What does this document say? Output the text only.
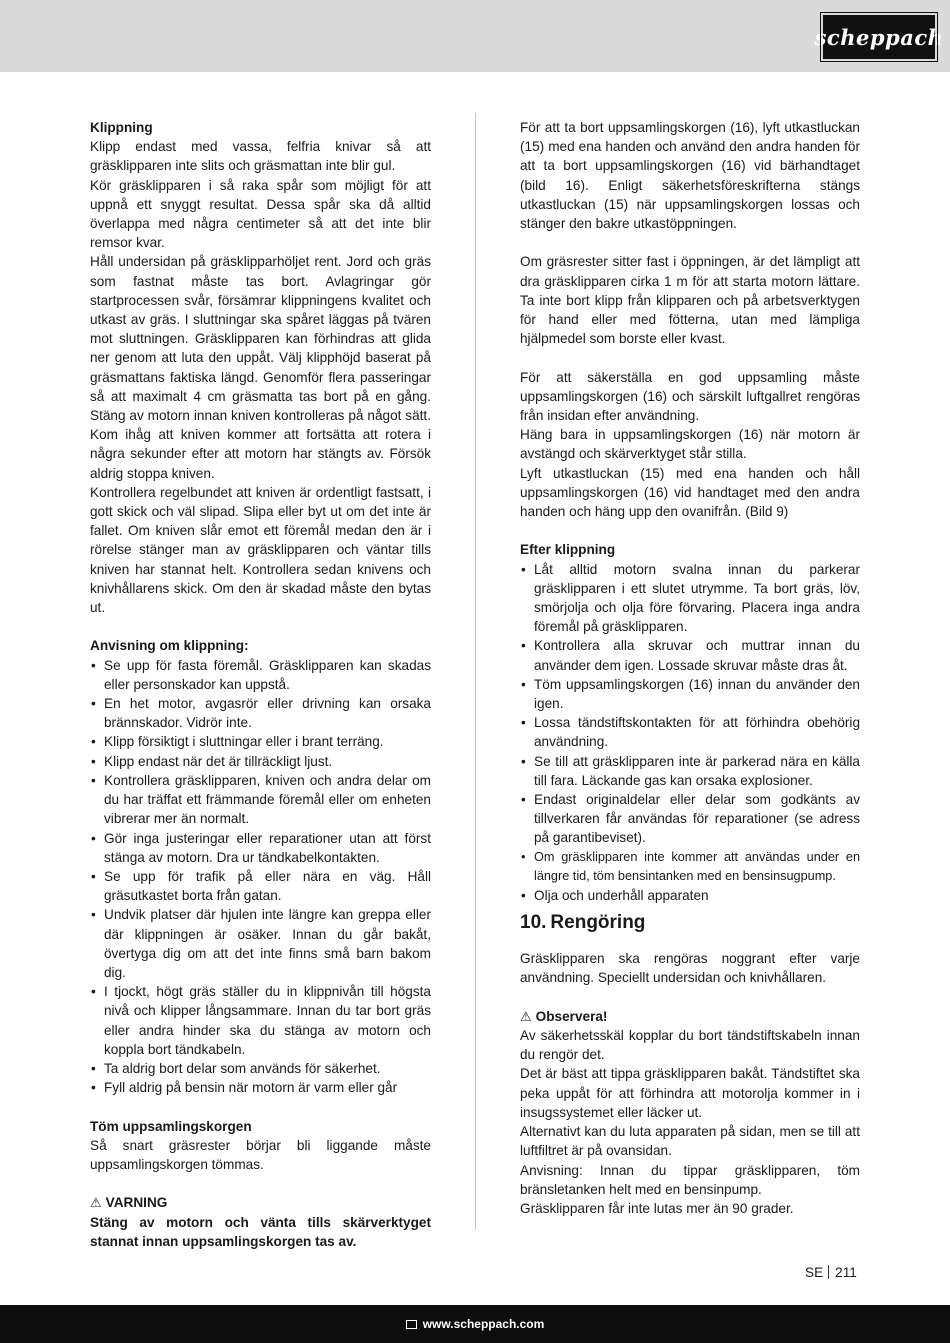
scheppach

Klippning

Klipp endast med vassa, felfria knivar så att gräsklipparen inte slits och gräsmattan inte blir gul.

Kör gräsklipparen i så raka spår som möjligt för att uppnå ett snyggt resultat. Dessa spår ska då alltid överlappa med några centimeter så att det inte blir remsor kvar.

Håll undersidan på gräsklipparhöljet rent. Jord och gräs som fastnat måste tas bort. Avlagringar gör startprocessen svår, försämrar klippningens kvalitet och utkast av gräs. I sluttningar ska spåret läggas på tvären mot sluttningen. Gräsklipparen kan förhindras att glida ner genom att luta den uppåt. Välj klipphöjd baserat på gräsmattans faktiska längd. Genomför flera passeringar så att maximalt 4 cm gräsmatta tas bort på en gång. Stäng av motorn innan kniven kontrolleras på något sätt. Kom ihåg att kniven kommer att fortsätta att rotera i några sekunder efter att motorn har stängts av. Försök aldrig stoppa kniven.

Kontrollera regelbundet att kniven är ordentligt fastsatt, i gott skick och väl slipad. Slipa eller byt ut om det inte är fallet. Om kniven slår emot ett föremål medan den är i rörelse stänger man av gräsklipparen och väntar tills kniven har stannat helt. Kontrollera sedan knivens och knivhållarens skick. Om den är skadad måste den bytas ut.

Anvisning om klippning:

• Se upp för fasta föremål. Gräsklipparen kan skadas eller personskador kan uppstå.
• En het motor, avgasrör eller drivning kan orsaka brännskador. Vidrör inte.
• Klipp försiktigt i sluttningar eller i brant terräng.
• Klipp endast när det är tillräckligt ljust.
• Kontrollera gräsklipparen, kniven och andra delar om du har träffat ett främmande föremål eller om enheten vibrerar mer än normalt.
• Gör inga justeringar eller reparationer utan att först stänga av motorn. Dra ur tändkabelkontakten.
• Se upp för trafik på eller nära en väg. Håll gräsutkastet borta från gatan.
• Undvik platser där hjulen inte längre kan greppa eller där klippningen är osäker. Innan du går bakåt, övertyga dig om att det inte finns små barn bakom dig.
• I tjockt, högt gräs ställer du in klippnivån till högsta nivå och klipper långsammare. Innan du tar bort gräs eller andra hinder ska du stänga av motorn och koppla bort tändkabeln.
• Ta aldrig bort delar som används för säkerhet.
• Fyll aldrig på bensin när motorn är varm eller går

Töm uppsamlingskorgen

Så snart gräsrester börjar bli liggande måste uppsamlingskorgen tömmas.

⚠ VARNING

Stäng av motorn och vänta tills skärverktyget stannat innan uppsamlingskorgen tas av.

För att ta bort uppsamlingskorgen (16), lyft utkastluckan (15) med ena handen och använd den andra handen för att ta bort uppsamlingskorgen (16) vid bärhandtaget (bild 16). Enligt säkerhetsföreskrifterna stängs utkastluckan (15) när uppsamlingskorgen lossas och stänger den bakre utkastöppningen.

Om gräsrester sitter fast i öppningen, är det lämpligt att dra gräsklipparen cirka 1 m för att starta motorn lättare. Ta inte bort klipp från klipparen och på arbetsverktygen för hand eller med fötterna, utan med lämpliga hjälpmedel som borste eller kvast.

För att säkerställa en god uppsamling måste uppsamlingskorgen (16) och särskilt luftgallret rengöras från insidan efter användning.

Häng bara in uppsamlingskorgen (16) när motorn är avstängd och skärverktyget står stilla.

Lyft utkastluckan (15) med ena handen och håll uppsamlingskorgen (16) vid handtaget med den andra handen och häng upp den ovanifrån. (Bild 9)

Efter klippning

• Låt alltid motorn svalna innan du parkerar gräsklipparen i ett slutet utrymme. Ta bort gräs, löv, smörjolja och olja före förvaring. Placera inga andra föremål på gräsklipparen.
• Kontrollera alla skruvar och muttrar innan du använder dem igen. Lossade skruvar måste dras åt.
• Töm uppsamlingskorgen (16) innan du använder den igen.
• Lossa tändstiftskontakten för att förhindra obehörig användning.
• Se till att gräsklipparen inte är parkerad nära en källa till fara. Läckande gas kan orsaka explosioner.
• Endast originaldelar eller delar som godkänts av tillverkaren får användas för reparationer (se adress på garantibeviset).
• Om gräsklipparen inte kommer att användas under en längre tid, töm bensintanken med en bensinsugpump.
• Olja och underhåll apparaten
10. Rengöring

Gräsklipparen ska rengöras noggrant efter varje användning. Speciellt undersidan och knivhållaren.

⚠ Observera!

Av säkerhetsskäl kopplar du bort tändstiftskabeln innan du rengör det.

Det är bäst att tippa gräsklipparen bakåt. Tändstiftet ska peka uppåt för att förhindra att motorolja kommer in i insugssystemet eller läcker ut.

Alternativt kan du luta apparaten på sidan, men se till att luftfiltret är på ovansidan.

Anvisning: Innan du tippar gräsklipparen, töm bränsletanken helt med en bensinpump.

Gräsklipparen får inte lutas mer än 90 grader.

SE 211
www.scheppach.com
